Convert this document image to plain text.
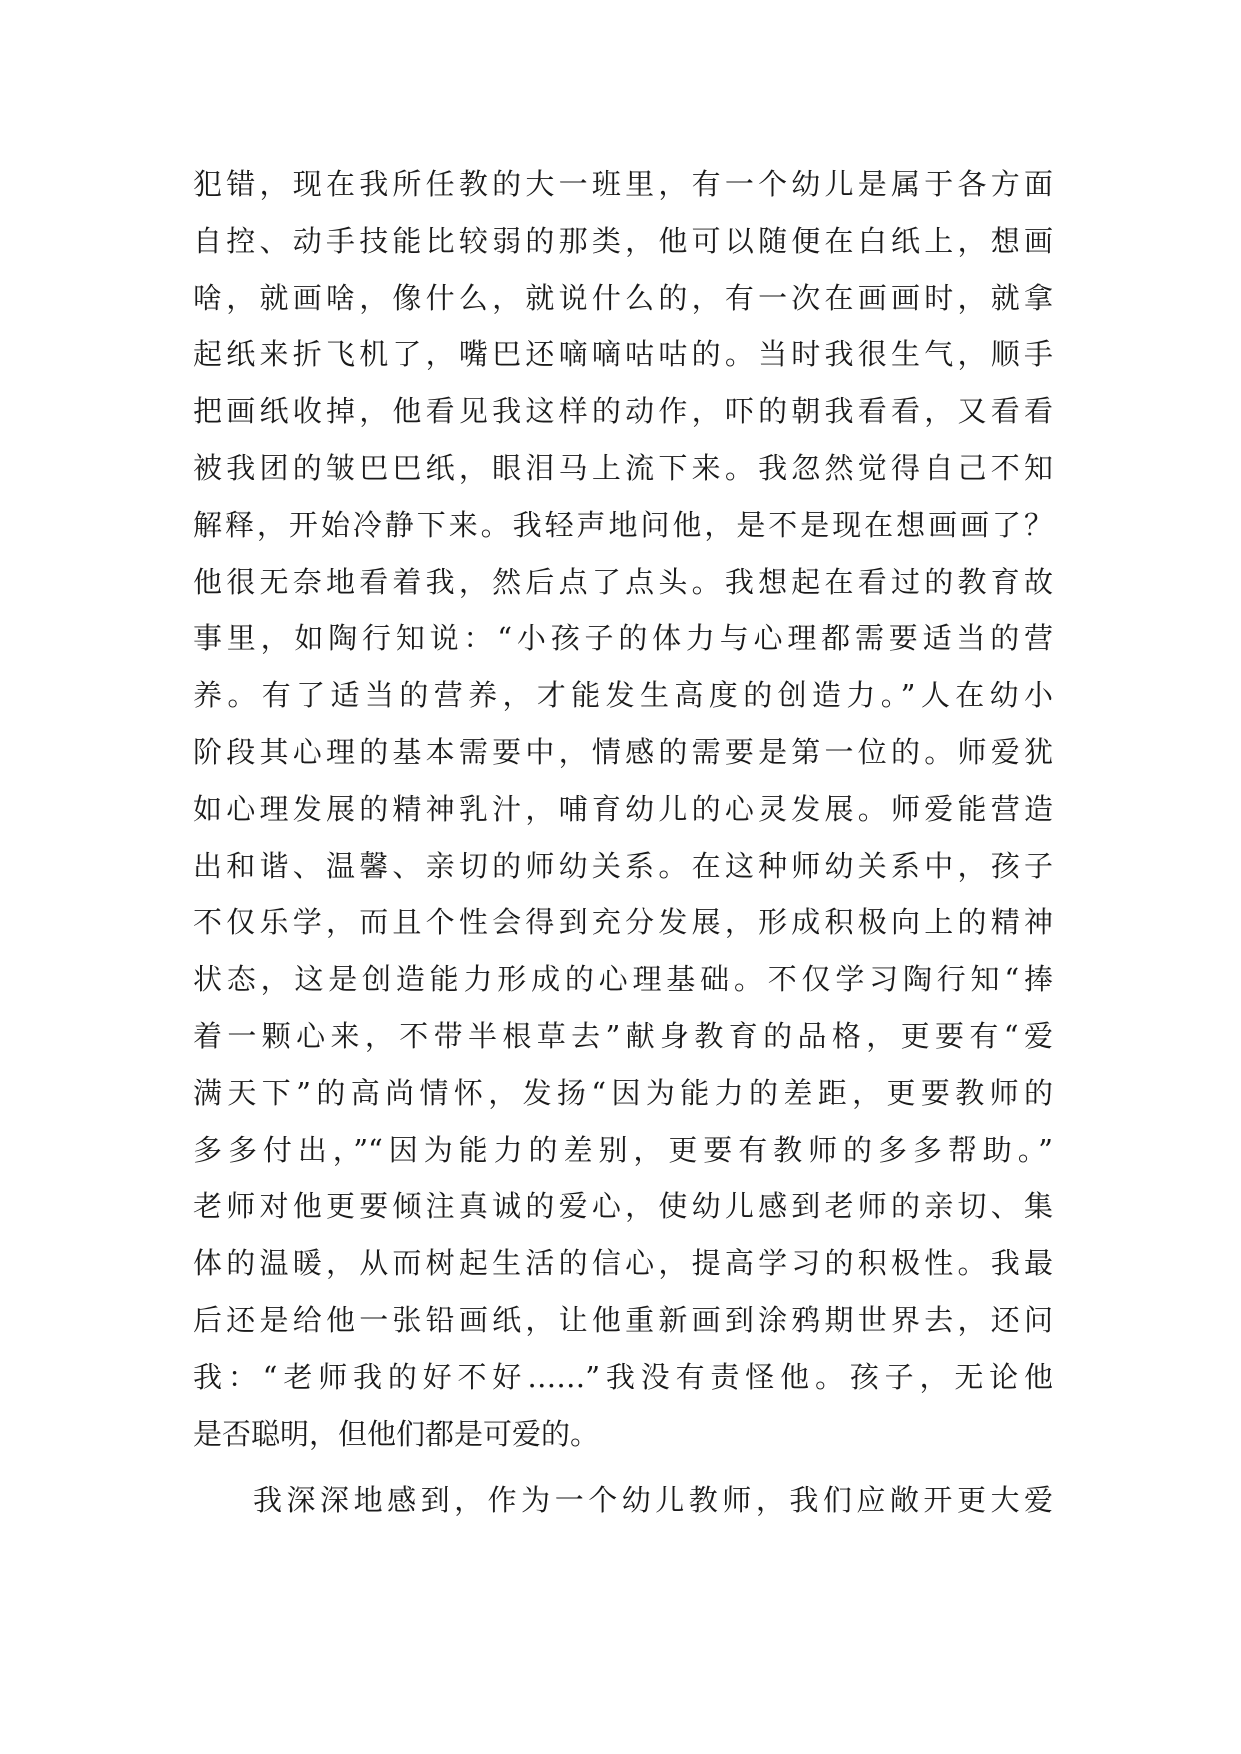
犯错，现在我所任教的大一班里，有一个幼儿是属于各方面
自控、动手技能比较弱的那类，他可以随便在白纸上，想画
啥，就画啥，像什么，就说什么的，有一次在画画时，就拿
起纸来折飞机了，嘴巴还嘀嘀咕咕的。当时我很生气，顺手
把画纸收掉，他看见我这样的动作，吓的朝我看看，又看看
被我团的皱巴巴纸，眼泪马上流下来。我忽然觉得自己不知
解释，开始冷静下来。我轻声地问他，是不是现在想画画了？
他很无奈地看着我，然后点了点头。我想起在看过的教育故
事里，如陶行知说：“小孩子的体力与心理都需要适当的营
养。有了适当的营养，才能发生高度的创造力。”人在幼小
阶段其心理的基本需要中，情感的需要是第一位的。师爱犹
如心理发展的精神乳汁，哺育幼儿的心灵发展。师爱能营造
出和谐、温馨、亲切的师幼关系。在这种师幼关系中，孩子
不仅乐学，而且个性会得到充分发展，形成积极向上的精神
状态，这是创造能力形成的心理基础。不仅学习陶行知“捧
着一颗心来，不带半根草去”献身教育的品格，更要有“爱
满天下”的高尚情怀，发扬“因为能力的差距，更要教师的
多多付出，”“因为能力的差别，更要有教师的多多帮助。”
老师对他更要倾注真诚的爱心，使幼儿感到老师的亲切、集
体的温暖，从而树起生活的信心，提高学习的积极性。我最
后还是给他一张铅画纸，让他重新画到涂鸦期世界去，还问
我：“老师我的好不好……”我没有责怪他。孩子，无论他
是否聪明，但他们都是可爱的。
我深深地感到，作为一个幼儿教师，我们应敞开更大爱
